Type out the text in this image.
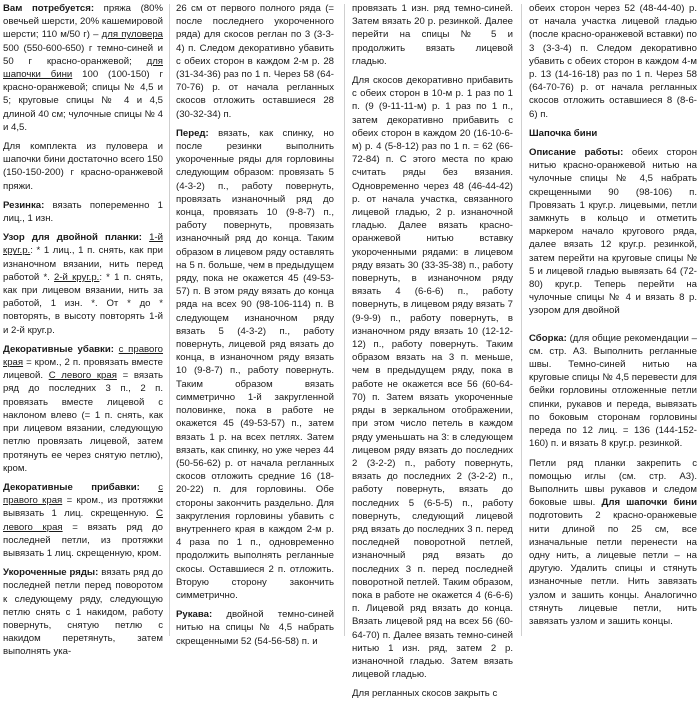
Вам потребуется: пряжа (80% овечьей шерсти, 20% кашемировой шерсти; 110 м/50 г) – для пуловера 500 (550-600-650) г темно-синей и 50 г красно-оранжевой; для шапочки бини 100 (100-150) г красно-оранжевой; спицы № 4,5 и 5; круговые спицы № 4 и 4,5 длиной 40 см; чулочные спицы № 4 и 4,5.

Для комплекта из пуловера и шапочки бини достаточно всего 150 (150-150-200) г красно-оранжевой пряжи.

Резинка: вязать попеременно 1 лиц., 1 изн.

Узор для двойной планки: 1-й круг.р.: * 1 лиц., 1 п. снять, как при изнаночном вязании, нить перед работой *. 2-й круг.р.: * 1 п. снять, как при лицевом вязании, нить за работой, 1 изн. *. От * до * повторять, в высоту повторять 1-й и 2-й круг.р.

Декоративные убавки: с правого края = кром., 2 п. провязать вместе лицевой. С левого края = вязать ряд до последних 3 п., 2 п. провязать вместе лицевой с наклоном влево (= 1 п. снять, как при лицевом вязании, следующую петлю провязать лицевой, затем протянуть ее через снятую петлю), кром.

Декоративные прибавки: с правого края = кром., из протяжки вывязать 1 лиц. скрещенную. С левого края = вязать ряд до последней петли, из протяжки вывязать 1 лиц. скрещенную, кром.

Укороченные ряды: вязать ряд до последней петли перед поворотом к следующему ряду, следующую петлю снять с 1 накидом, работу повернуть, снятую петлю с накидом перетянуть, затем выполнять ука-

26 см от первого полного ряда (= после последнего укороченного ряда) для скосов реглан по 3 (3-3-4) п. Следом декоративно убавить с обеих сторон в каждом 2-м р. 28 (31-34-36) раз по 1 п. Через 58 (64-70-76) р. от начала регланных скосов отложить оставшиеся 28 (30-32-34) п.

Перед: вязать, как спинку, но после резинки выполнить укороченные ряды для горловины следующим образом: провязать 5 (4-3-2) п., работу повернуть, провязать изнаночный ряд до конца, провязать 10 (9-8-7) п., работу повернуть, провязать изнаночный ряд до конца. Таким образом в лицевом ряду оставлять на 5 п. больше, чем в предыдущем ряду, пока не окажется 45 (49-53-57) п. В этом ряду вязать до конца ряда на всех 90 (98-106-114) п. В следующем изнаночном ряду вязать 5 (4-3-2) п., работу повернуть, лицевой ряд вязать до конца, в изнаночном ряду вязать 10 (9-8-7) п., работу повернуть. Таким образом вязать симметрично 1-й закругленной половинке, пока в работе не окажется 45 (49-53-57) п., затем вязать 1 р. на всех петлях. Затем вязать, как спинку, но уже через 44 (50-56-62) р. от начала регланных скосов отложить средние 16 (18-20-22) п. для горловины. Обе стороны закончить раздельно. Для закругления горловины убавить с внутреннего края в каждом 2-м р. 4 раза по 1 п., одновременно продолжить выполнять регланные скосы. Оставшиеся 2 п. отложить. Вторую сторону закончить симметрично.

Рукава: двойной темно-синей нитью на спицы № 4,5 набрать скрещенными 52 (54-56-58) п. и

провязать 1 изн. ряд темно-синей. Затем вязать 20 р. резинкой. Далее перейти на спицы № 5 и продолжить вязать лицевой гладью.

Для скосов декоративно прибавить с обеих сторон в 10-м р. 1 раз по 1 п. (9 (9-11-11-м) р. 1 раз по 1 п., затем декоративно прибавить с обеих сторон в каждом 20 (16-10-6-м) р. 4 (5-8-12) раз по 1 п. = 62 (66-72-84) п. С этого места по краю считать ряды без вязания. Одновременно через 48 (46-44-42) р. от начала участка, связанного лицевой гладью, 2 р. изнаночной гладью. Далее вязать красно-оранжевой нитью вставку укороченными рядами: в лицевом ряду вязать 30 (33-35-38) п., работу повернуть, в изнаночном ряду вязать 4 (6-6-6) п., работу повернуть, в лицевом ряду вязать 7 (9-9-9) п., работу повернуть, в изнаночном ряду вязать 10 (12-12-12) п., работу повернуть. Таким образом вязать на 3 п. меньше, чем в предыдущем ряду, пока в работе не окажется все 56 (60-64-70) п. Затем вязать укороченные ряды в зеркальном отображении, при этом число петель в каждом ряду уменьшать на 3: в следующем лицевом ряду вязать до последних 2 (3-2-2) п., работу повернуть, вязать до последних 2 (3-2-2) п., работу повернуть, вязать до последних 5 (6-5-5) п., работу повернуть, следующий лицевой ряд вязать до последних 3 п. перед последней поворотной петлей, изнаночный ряд вязать до последних 3 п. перед последней поворотной петлей. Таким образом, пока в работе не окажется 4 (6-6-6) п. Лицевой ряд вязать до конца. Вязать лицевой ряд на всех 56 (60-64-70) п. Далее вязать темно-синей нитью 1 изн. ряд, затем 2 р. изнаночной гладью. Затем вязать лицевой гладью.

Для регланных скосов закрыть с

обеих сторон через 52 (48-44-40) р. от начала участка лицевой гладью (после красно-оранжевой вставки) по 3 (3-3-4) п. Следом декоративно убавить с обеих сторон в каждом 4-м р. 13 (14-16-18) раз по 1 п. Через 58 (64-70-76) р. от начала регланных скосов отложить оставшиеся 8 (8-6-6) п.

Шапочка бини

Описание работы: обеих сторон нитью красно-оранжевой нитью на чулочные спицы № 4,5 набрать скрещенными 90 (98-106) п. Провязать 1 круг.р. лицевыми, петли замкнуть в кольцо и отметить маркером начало кругового ряда, далее вязать 12 круг.р. резинкой, затем перейти на круговые спицы № 5 и лицевой гладью вывязать 64 (72-80) круг.р. Теперь перейти на чулочные спицы № 4 и вязать 8 р. узором для двойной

Сборка: (для общие рекомендации – см. стр. А3. Выполнить регланные швы. Темно-синей нитью на круговые спицы № 4,5 перевести для бейки горловины отложенные петли спинки, рукавов и переда, вывязать по боковым сторонам горловины переда по 12 лиц. = 136 (144-152-160) п. и вязать 8 круг.р. резинкой.

Петли ряд планки закрепить с помощью иглы (см. стр. А3). Выполнить швы рукавов и следом боковые швы. Для шапочки бини подготовить 2 красно-оранжевые нити длиной по 25 см, все изначальные петли перенести на одну нить, а лицевые петли – на другую. Удалить спицы и стянуть изнаночные петли. Нить завязать узлом и зашить концы. Аналогично стянуть лицевые петли, нить завязать узлом и зашить концы.
